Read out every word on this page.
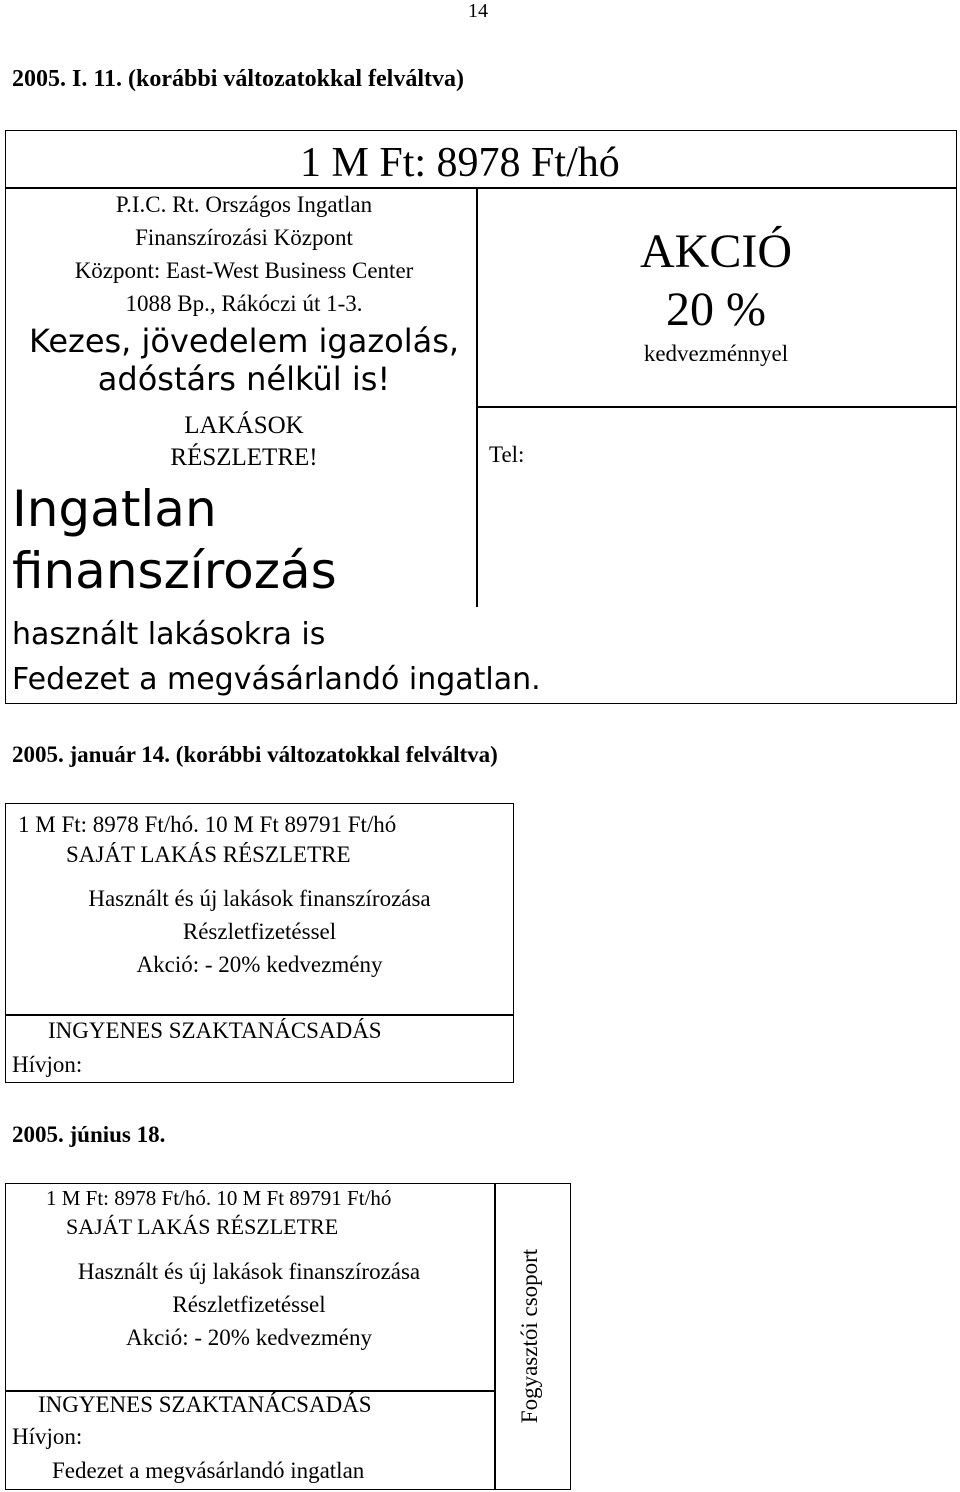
14
2005. I. 11. (korábbi változatokkal felváltva)
1 M Ft: 8978 Ft/hó
P.I.C. Rt. Országos Ingatlan
Finanszírozási Központ
Központ: East-West Business Center
1088 Bp., Rákóczi út 1-3.
Kezes, jövedelem igazolás,
adóstárs nélkül is!
LAKÁSOK
RÉSZLETRE!	Tel:
AKCIÓ
20 %
kedvezménnyel
Ingatlan
finanszírozás
használt lakásokra is
Fedezet a megvásárlandó ingatlan.
2005. január 14. (korábbi változatokkal felváltva)
1 M Ft: 8978 Ft/hó. 10 M Ft 89791 Ft/hó
SAJÁT LAKÁS RÉSZLETRE
Használt és új lakások finanszírozása
Részletfizetéssel
Akció: - 20% kedvezmény
INGYENES SZAKTANÁCSADÁS
Hívjon:
2005. június 18.
1 M Ft: 8978 Ft/hó. 10 M Ft 89791 Ft/hó
SAJÁT LAKÁS RÉSZLETRE
Használt és új lakások finanszírozása
Részletfizetéssel
Akció: - 20% kedvezmény
INGYENES SZAKTANÁCSADÁS
Hívjon:
Fedezet a megvásárlandó ingatlan
Fogyasztói csoport
